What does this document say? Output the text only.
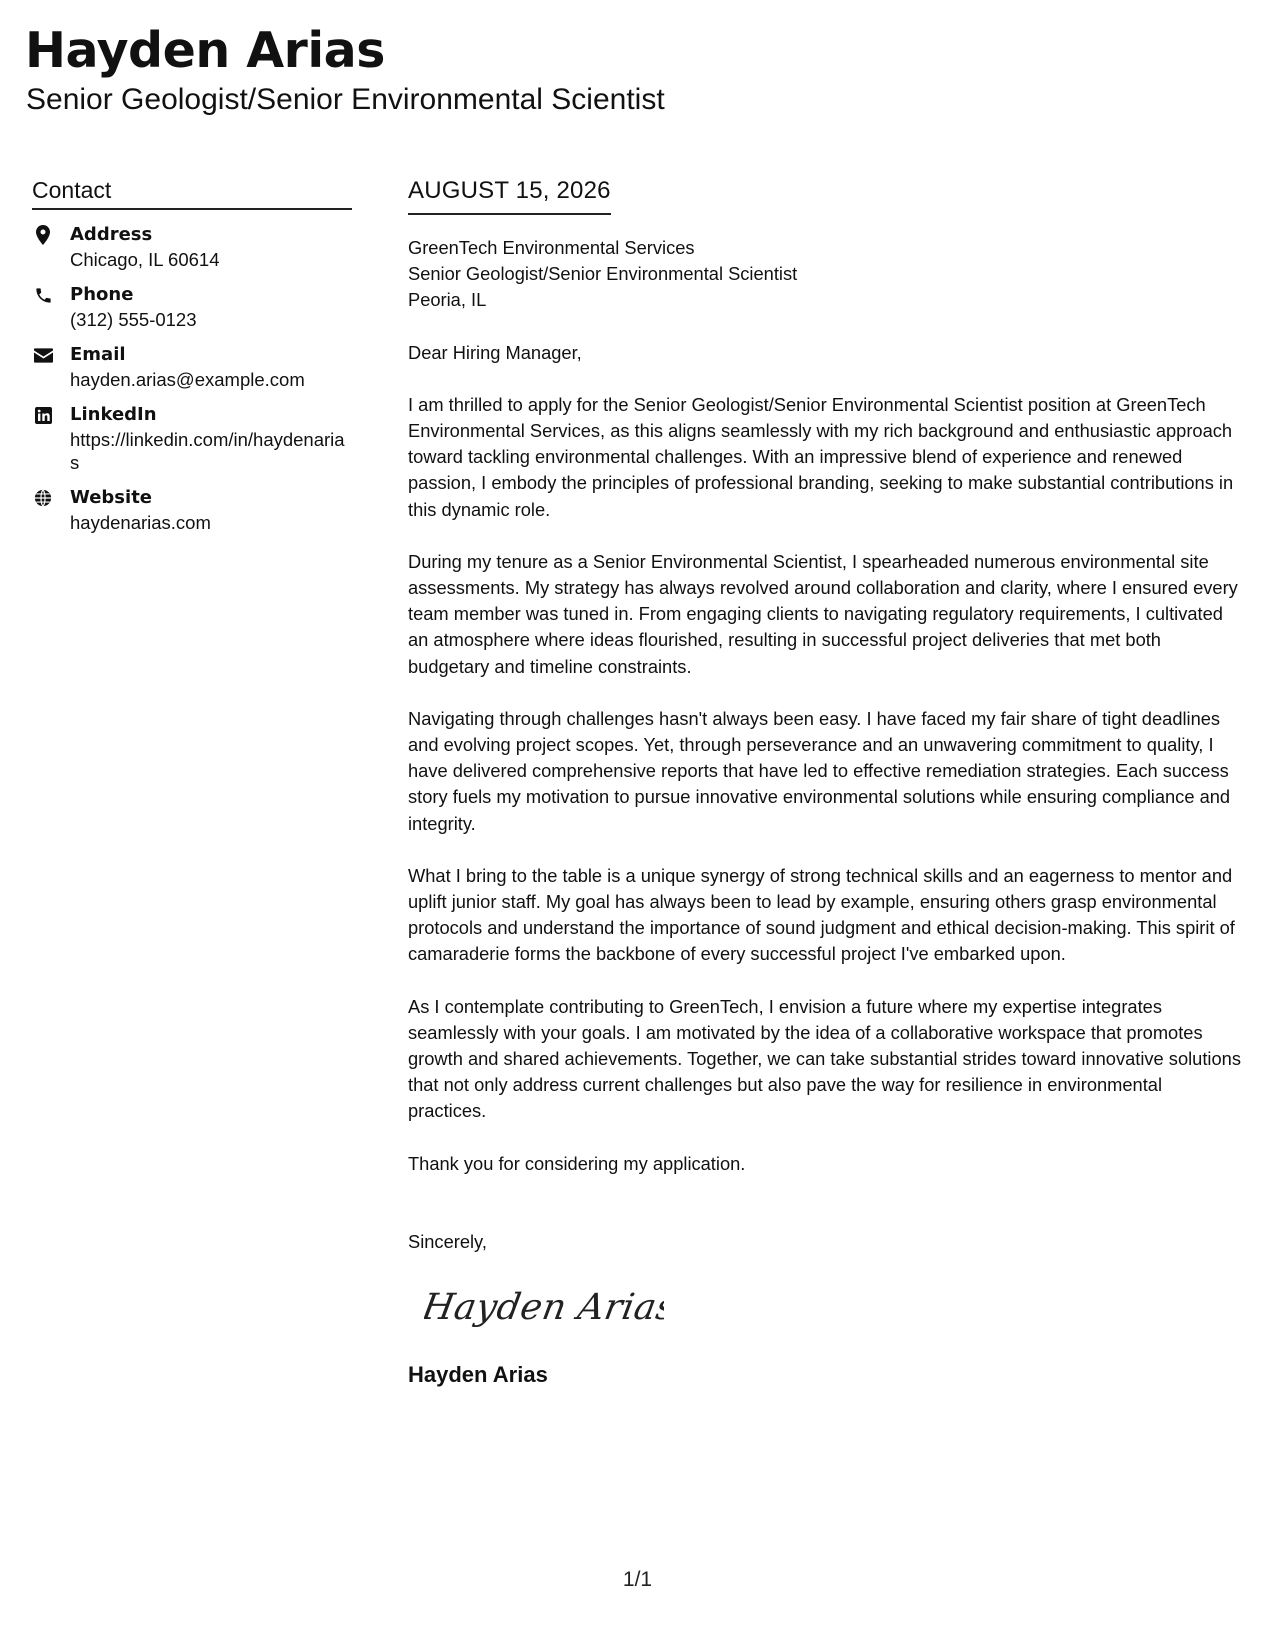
Hayden Arias
Senior Geologist/Senior Environmental Scientist
Contact
Address
Chicago, IL 60614
Phone
(312) 555-0123
Email
hayden.arias@example.com
LinkedIn
https://linkedin.com/in/haydenarias
Website
haydenarias.com
AUGUST 15, 2026
GreenTech Environmental Services
Senior Geologist/Senior Environmental Scientist
Peoria, IL
Dear Hiring Manager,
I am thrilled to apply for the Senior Geologist/Senior Environmental Scientist position at GreenTech Environmental Services, as this aligns seamlessly with my rich background and enthusiastic approach toward tackling environmental challenges. With an impressive blend of experience and renewed passion, I embody the principles of professional branding, seeking to make substantial contributions in this dynamic role.
During my tenure as a Senior Environmental Scientist, I spearheaded numerous environmental site assessments. My strategy has always revolved around collaboration and clarity, where I ensured every team member was tuned in. From engaging clients to navigating regulatory requirements, I cultivated an atmosphere where ideas flourished, resulting in successful project deliveries that met both budgetary and timeline constraints.
Navigating through challenges hasn't always been easy. I have faced my fair share of tight deadlines and evolving project scopes. Yet, through perseverance and an unwavering commitment to quality, I have delivered comprehensive reports that have led to effective remediation strategies. Each success story fuels my motivation to pursue innovative environmental solutions while ensuring compliance and integrity.
What I bring to the table is a unique synergy of strong technical skills and an eagerness to mentor and uplift junior staff. My goal has always been to lead by example, ensuring others grasp environmental protocols and understand the importance of sound judgment and ethical decision-making. This spirit of camaraderie forms the backbone of every successful project I've embarked upon.
As I contemplate contributing to GreenTech, I envision a future where my expertise integrates seamlessly with your goals. I am motivated by the idea of a collaborative workspace that promotes growth and shared achievements. Together, we can take substantial strides toward innovative solutions that not only address current challenges but also pave the way for resilience in environmental practices.
Thank you for considering my application.
Sincerely,
Hayden Arias
Hayden Arias
1/1
